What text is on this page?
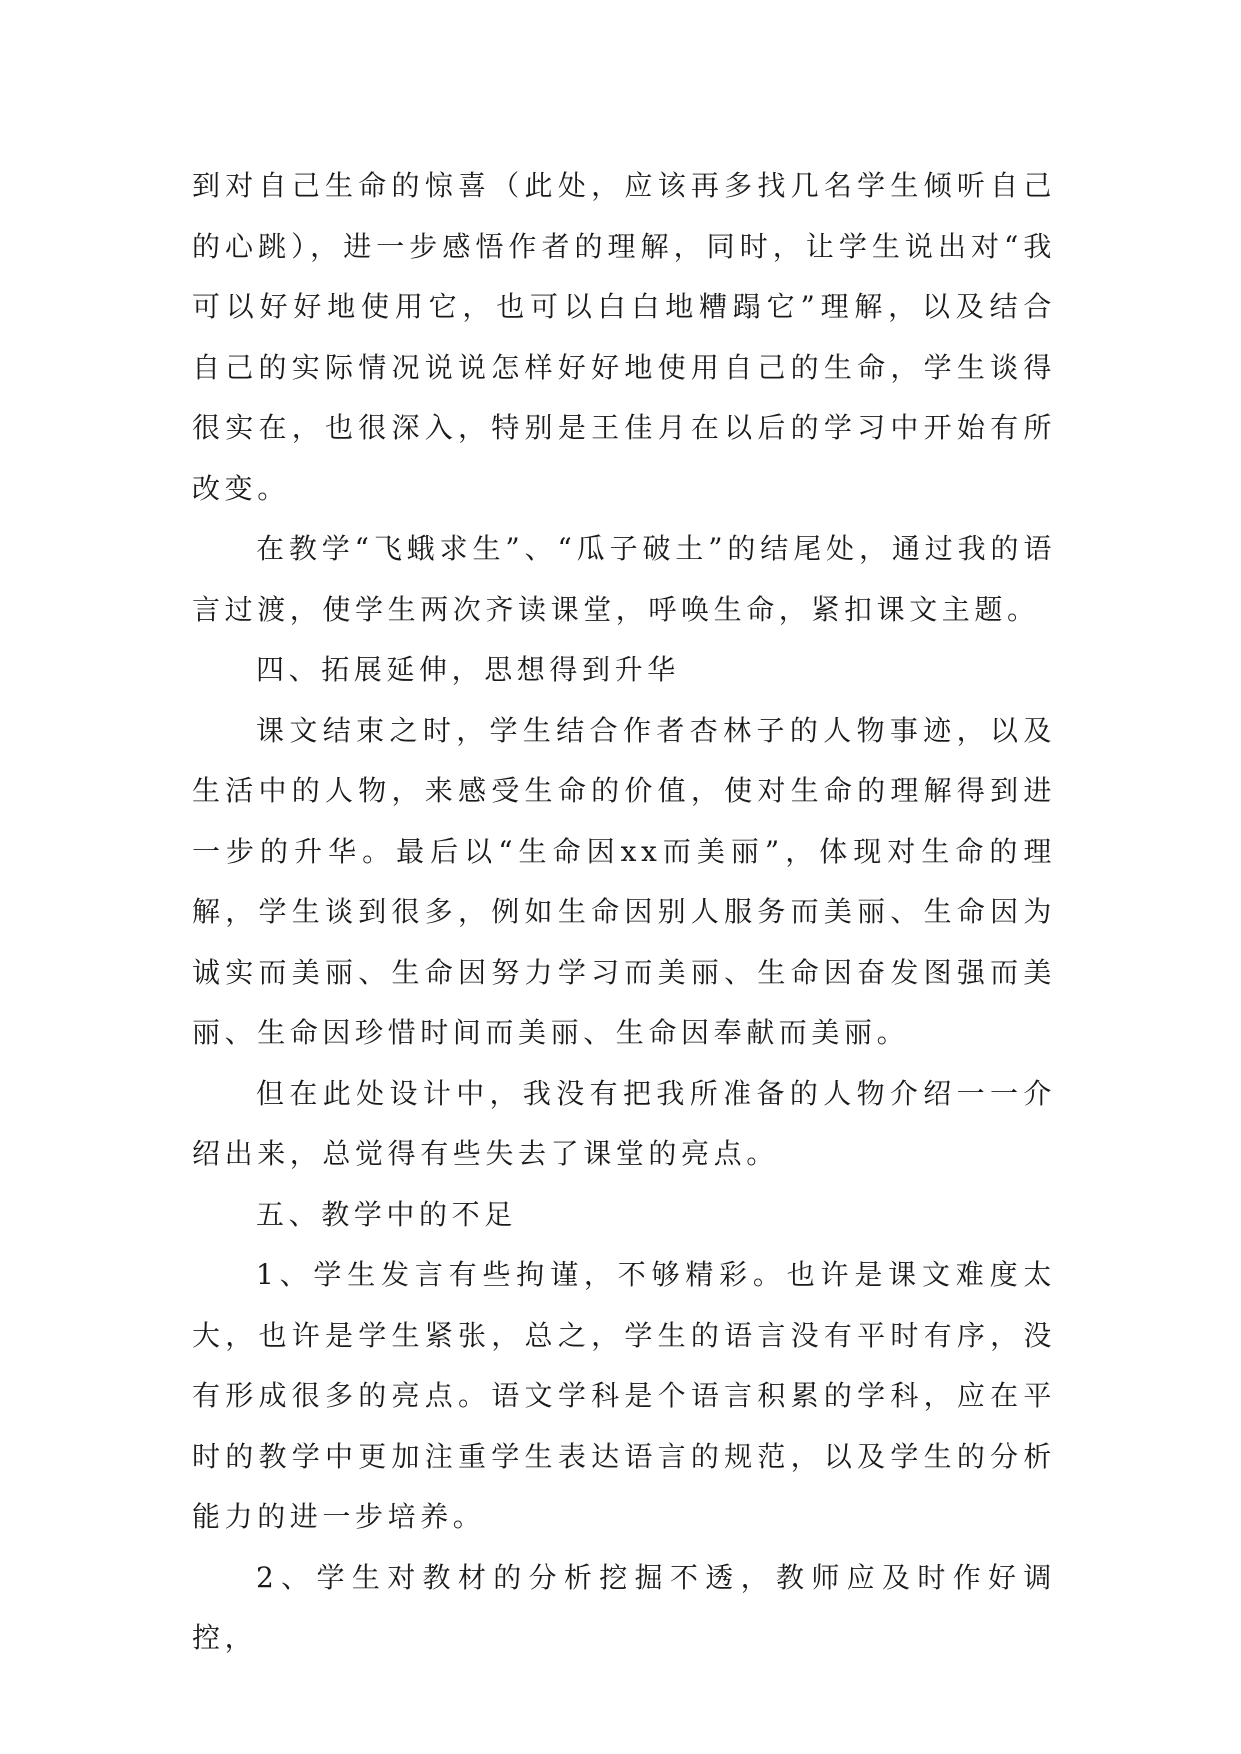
到对自己生命的惊喜（此处，应该再多找几名学生倾听自己的心跳），进一步感悟作者的理解，同时，让学生说出对“我可以好好地使用它，也可以白白地糟蹋它”理解，以及结合自己的实际情况说说怎样好好地使用自己的生命，学生谈得很实在，也很深入，特别是王佳月在以后的学习中开始有所改变。

在教学“飞蛾求生”、“瓜子破土”的结尾处，通过我的语言过渡，使学生两次齐读课堂，呼唤生命，紧扣课文主题。

四、拓展延伸，思想得到升华

课文结束之时，学生结合作者杏林子的人物事迹，以及生活中的人物，来感受生命的价值，使对生命的理解得到进一步的升华。最后以“生命因xx而美丽”，体现对生命的理解，学生谈到很多，例如生命因别人服务而美丽、生命因为诚实而美丽、生命因努力学习而美丽、生命因奋发图强而美丽、生命因珍惜时间而美丽、生命因奉献而美丽。

但在此处设计中，我没有把我所准备的人物介绍一一介绍出来，总觉得有些失去了课堂的亮点。

五、教学中的不足

1、学生发言有些拘谨，不够精彩。也许是课文难度太大，也许是学生紧张，总之，学生的语言没有平时有序，没有形成很多的亮点。语文学科是个语言积累的学科，应在平时的教学中更加注重学生表达语言的规范，以及学生的分析能力的进一步培养。

2、学生对教材的分析挖掘不透，教师应及时作好调控，
